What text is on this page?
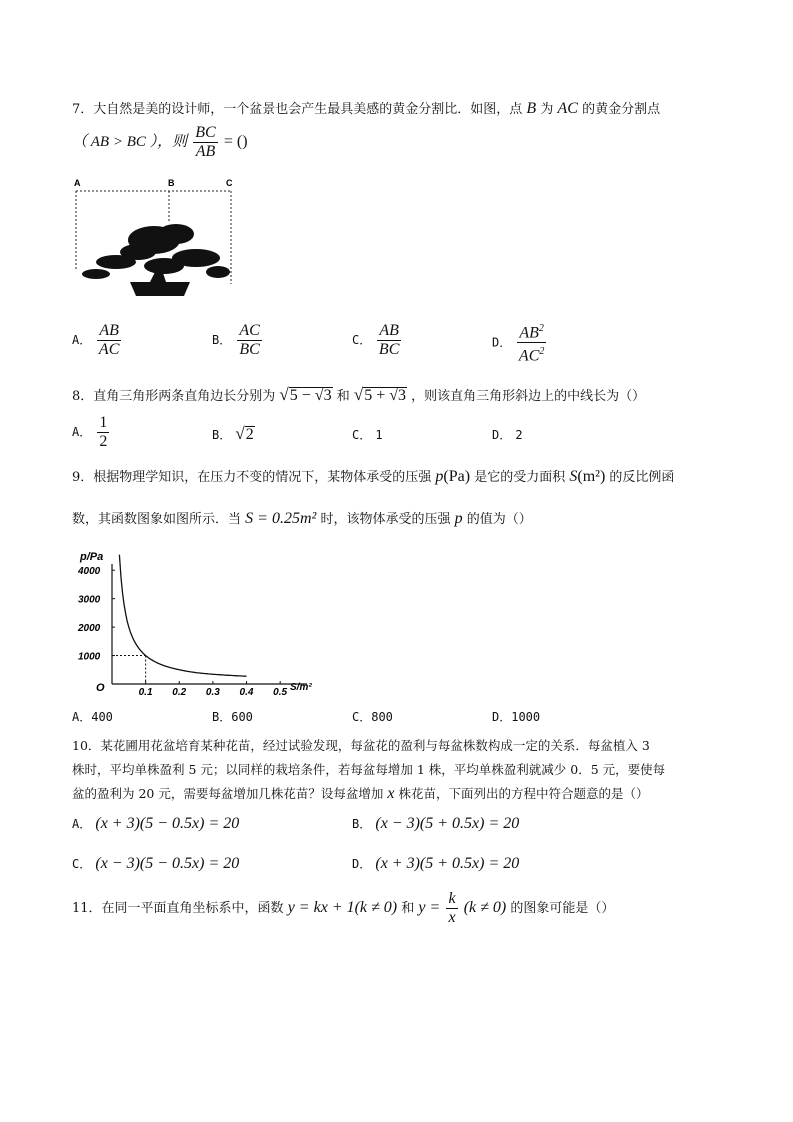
7．大自然是美的设计师，一个盆景也会产生最具美感的黄金分割比．如图，点 B 为 AC 的黄金分割点
（ AB > BC ），则 $\frac{BC}{AB}$ = ()
A	B	C
A． $\frac{AB}{AC}$	B． $\frac{AC}{BC}$	C． $\frac{AB}{BC}$	D． $\frac{AB^2}{AC^2}$
8．直角三角形两条直角边长分别为 √5 − √3 和 √5 + √3 ，则该直角三角形斜边上的中线长为（）
A． $\frac{1}{2}$	B． √2	C． 1	D． 2
9．根据物理学知识，在压力不变的情况下，某物体承受的压强 p(Pa) 是它的受力面积 S(m²) 的反比例函
数，其函数图象如图所示．当 S = 0.25m² 时，该物体承受的压强 p 的值为（）
p/Pa
S/m²
O	0.1 0.2 0.3 0.4 0.5
1000
2000
3000
4000
A．400	B．600	C．800	D．1000
10．某花圃用花盆培育某种花苗，经过试验发现，每盆花的盈利与每盆株数构成一定的关系．每盆植入 3
株时，平均单株盈利 5 元；以同样的栽培条件，若每盆每增加 1 株，平均单株盈利就减少 0．5 元，要使每
盆的盈利为 20 元，需要每盆增加几株花苗？设每盆增加 x 株花苗，下面列出的方程中符合题意的是（）
A． (x + 3)(5 − 0.5x) = 20	B． (x − 3)(5 + 0.5x) = 20
C． (x − 3)(5 − 0.5x) = 20	D． (x + 3)(5 + 0.5x) = 20
11．在同一平面直角坐标系中，函数 y = kx + 1(k ≠ 0) 和 $y = \frac{k}{x} (k \ne 0)$ 的图象可能是（）
